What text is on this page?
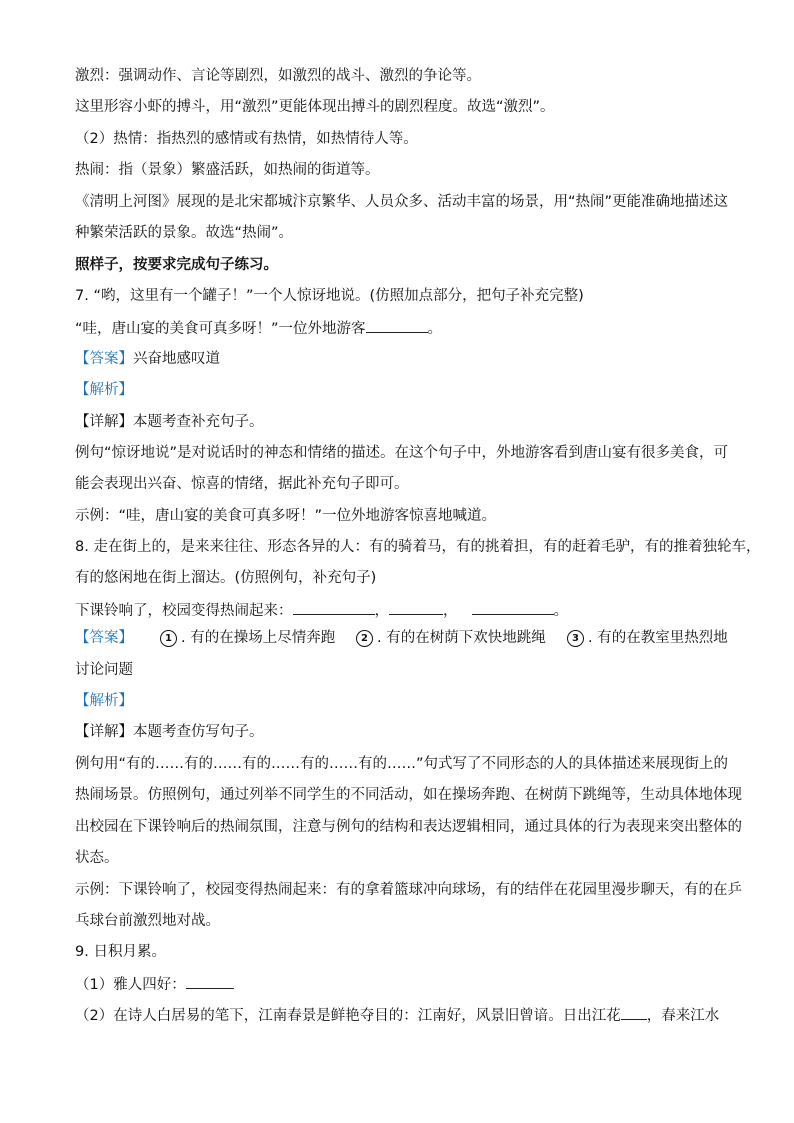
激烈：强调动作、言论等剧烈，如激烈的战斗、激烈的争论等。
这里形容小虾的搏斗，用“激烈”更能体现出搏斗的剧烈程度。故选“激烈”。
（2）热情：指热烈的感情或有热情，如热情待人等。
热闹：指（景象）繁盛活跃，如热闹的街道等。
《清明上河图》展现的是北宋都城汴京繁华、人员众多、活动丰富的场景，用“热闹”更能准确地描述这
种繁荣活跃的景象。故选“热闹”。
照样子，按要求完成句子练习。
7. “哟，这里有一个罐子！”一个人惊讶地说。(仿照加点部分，把句子补充完整)
“哇，唐山宴的美食可真多呀！”一位外地游客	。
【答案】兴奋地感叹道
【解析】
【详解】本题考查补充句子。
例句“惊讶地说”是对说话时的神态和情绪的描述。在这个句子中，外地游客看到唐山宴有很多美食，可
能会表现出兴奋、惊喜的情绪，据此补充句子即可。
示例：“哇，唐山宴的美食可真多呀！”一位外地游客惊喜地喊道。
8. 走在街上的，是来来往往、形态各异的人：有的骑着马，有的挑着担，有的赶着毛驴，有的推着独轮车，
有的悠闲地在街上溜达。(仿照例句，补充句子)
下课铃响了，校园变得热闹起来：	，	，	。
【答案】	1 . 有的在操场上尽情奔跑	2 . 有的在树荫下欢快地跳绳	3 . 有的在教室里热烈地
讨论问题
【解析】
【详解】本题考查仿写句子。
例句用“有的……有的……有的……有的……有的……”句式写了不同形态的人的具体描述来展现街上的
热闹场景。仿照例句，通过列举不同学生的不同活动，如在操场奔跑、在树荫下跳绳等，生动具体地体现
出校园在下课铃响后的热闹氛围，注意与例句的结构和表达逻辑相同，通过具体的行为表现来突出整体的
状态。
示例：下课铃响了，校园变得热闹起来：有的拿着篮球冲向球场，有的结伴在花园里漫步聊天，有的在乒
乓球台前激烈地对战。
9. 日积月累。
（1）雅人四好：
（2）在诗人白居易的笔下，江南春景是鲜艳夺目的：江南好，风景旧曾谙。日出江花 ，春来江水
